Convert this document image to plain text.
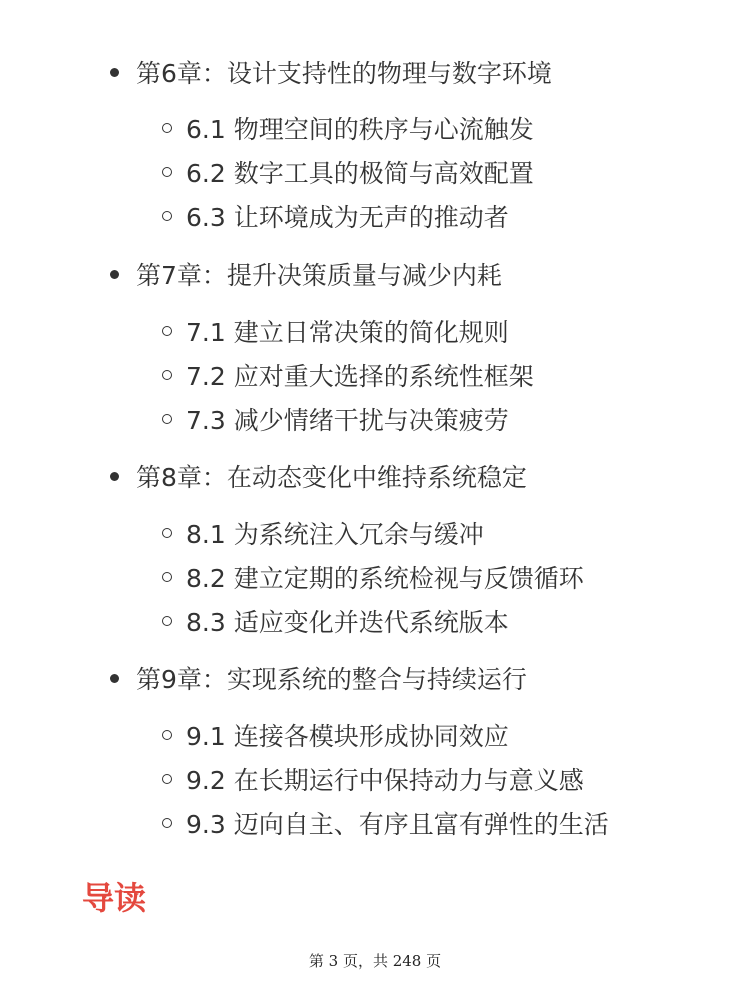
第6章：设计支持性的物理与数字环境
6.1 物理空间的秩序与心流触发
6.2 数字工具的极简与高效配置
6.3 让环境成为无声的推动者
第7章：提升决策质量与减少内耗
7.1 建立日常决策的简化规则
7.2 应对重大选择的系统性框架
7.3 减少情绪干扰与决策疲劳
第8章：在动态变化中维持系统稳定
8.1 为系统注入冗余与缓冲
8.2 建立定期的系统检视与反馈循环
8.3 适应变化并迭代系统版本
第9章：实现系统的整合与持续运行
9.1 连接各模块形成协同效应
9.2 在长期运行中保持动力与意义感
9.3 迈向自主、有序且富有弹性的生活
导读
第 3 页，共 248 页
